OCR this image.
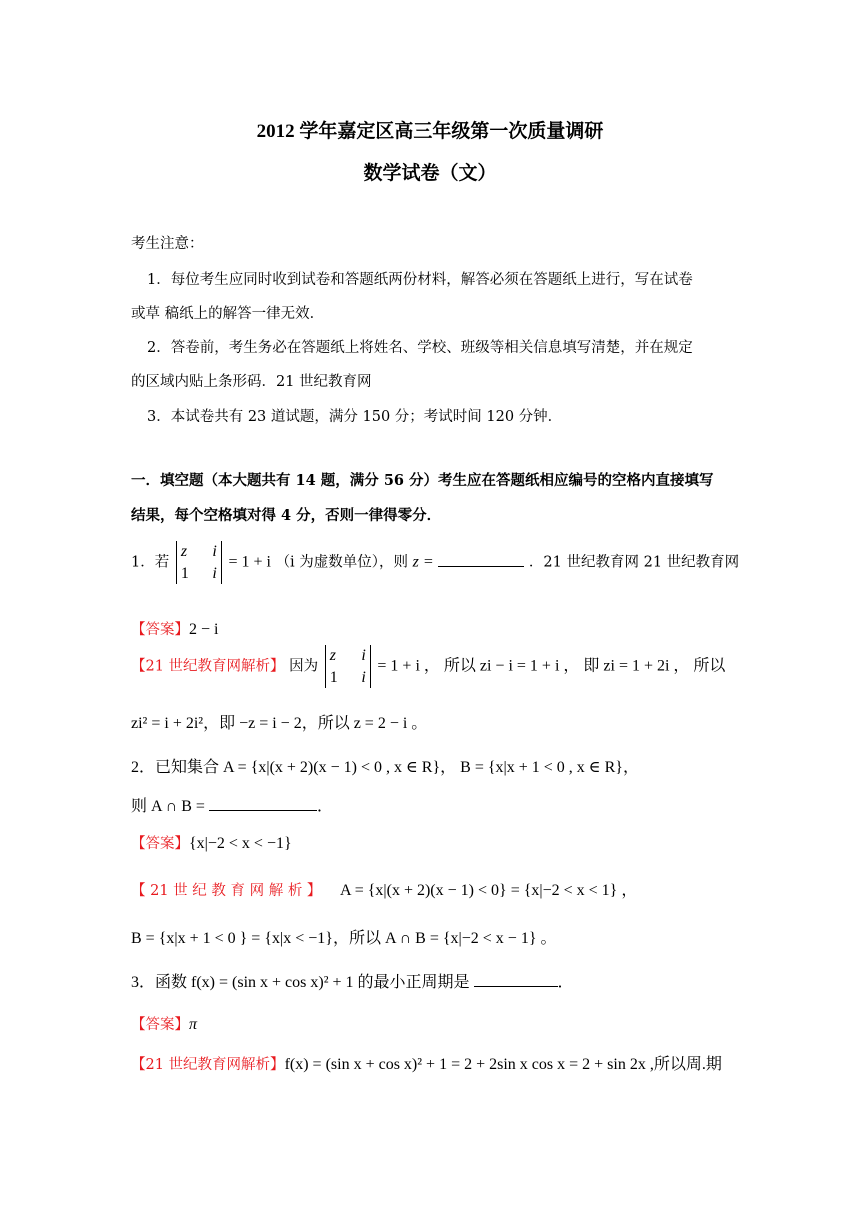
2012 学年嘉定区高三年级第一次质量调研
数学试卷（文）
考生注意：
1．每位考生应同时收到试卷和答题纸两份材料，解答必须在答题纸上进行，写在试卷
或草 稿纸上的解答一律无效．
2．答卷前，考生务必在答题纸上将姓名、学校、班级等相关信息填写清楚，并在规定
的区域内贴上条形码．21 世纪教育网
3．本试卷共有 23 道试题，满分 150 分；考试时间 120 分钟．
一．填空题（本大题共有 14 题，满分 56 分）考生应在答题纸相应编号的空格内直接填写
结果，每个空格填对得 4 分，否则一律得零分．
1．若
z i
1 i
= 1 + i （i 为虚数单位），则 z =	．21 世纪教育网 21 世纪教育网
【答案】2 − i
【21 世纪教育网解析】 因为
z i
1 i
= 1 + i ， 所以 zi − i = 1 + i ， 即 zi = 1 + 2i ， 所以
zi² = i + 2i²，即 −z = i − 2，所以 z = 2 − i 。
2．已知集合 A = {x|(x + 2)(x − 1) < 0 , x ∈ R}， B = {x|x + 1 < 0 , x ∈ R}，
则 A ∩ B =	．
【答案】{x|−2 < x < −1}
【 21 世 纪 教 育 网 解 析 】 A = {x|(x + 2)(x − 1) < 0} = {x|−2 < x < 1} ，
B = {x|x + 1 < 0 } = {x|x < −1}，所以 A ∩ B = {x|−2 < x − 1} 。
3．函数 f(x) = (sin x + cos x)² + 1 的最小正周期是	．
【答案】π
【21 世纪教育网解析】f(x) = (sin x + cos x)² + 1 = 2 + 2sin x cos x = 2 + sin 2x ,所以周.期
